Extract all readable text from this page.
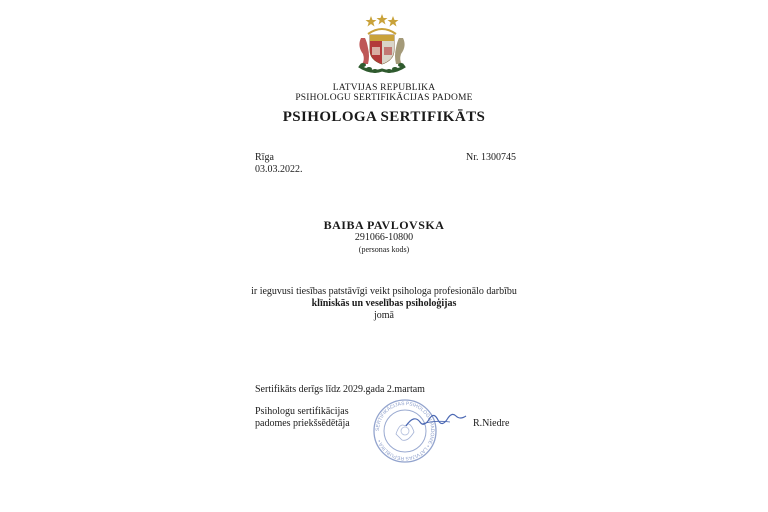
LATVIJAS REPUBLIKA
PSIHOLOGU SERTIFIKĀCIJAS PADOME
PSIHOLOGA SERTIFIKĀTS
Rīga
03.03.2022.
Nr. 1300745
BAIBA PAVLOVSKA
291066-10800
(personas kods)
ir ieguvusi tiesības patstāvīgi veikt psihologa profesionālo darbību
klīniskās un veselības psiholoģijas
jomā
Sertifikāts derīgs līdz 2029.gada 2.martam
Psihologu sertifikācijas
padomes priekšsēdētāja	R.Niedre
SERTIFIKĀCIJAS PSIHOLOGU PADOME • LATVIJAS REPUBLIKA •
